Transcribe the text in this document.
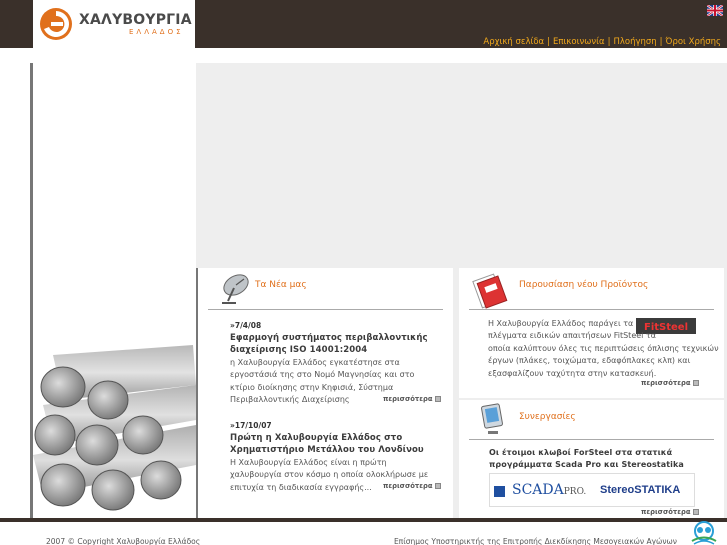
ΧΑΛΥΒΟΥΡΓΙΑ
ΕΛΛΑΔΟΣ
Αρχική σελίδα | Επικοινωνία | Πλοήγηση | Όροι Χρήσης
Τα Νέα μας
»7/4/08
Εφαρμογή συστήματος περιβαλλοντικής διαχείρισης ISO 14001:2004
η Χαλυβουργία Ελλάδος εγκατέστησε στα εργοστάσιά της στο Νομό Μαγνησίας και στο κτίριο διοίκησης στην Κηφισιά, Σύστημα Περιβαλλοντικής Διαχείρισης	περισσότερα
»17/10/07
Πρώτη η Χαλυβουργία Ελλάδος στο Χρηματιστήριο Μετάλλου του Λονδίνου
Η Χαλυβουργία Ελλάδος είναι η πρώτη χαλυβουργία στον κόσμο η οποία ολοκλήρωσε με επιτυχία τη διαδικασία εγγραφής...	περισσότερα
Παρουσίαση νέου Προϊόντος
FitSteel
Η Χαλυβουργία Ελλάδος παράγει τα πλέγματα ειδικών απαιτήσεων FitSteel τα οποία καλύπτουν όλες τις περιπτώσεις όπλισης τεχνικών έργων (πλάκες, τοιχώματα, εδαφόπλακες κλπ) και εξασφαλίζουν ταχύτητα στην κατασκευή.
περισσότερα
Συνεργασίες
Οι έτοιμοι κλωβοί ForSteel στα στατικά προγράμματα Scada Pro και Stereostatika
SCADAPRO. StereoSTATIKA
περισσότερα
2007 © Copyright Χαλυβουργία Ελλάδος	Επίσημος Υποστηρικτής της Επιτροπής Διεκδίκησης Μεσογειακών Αγώνων
